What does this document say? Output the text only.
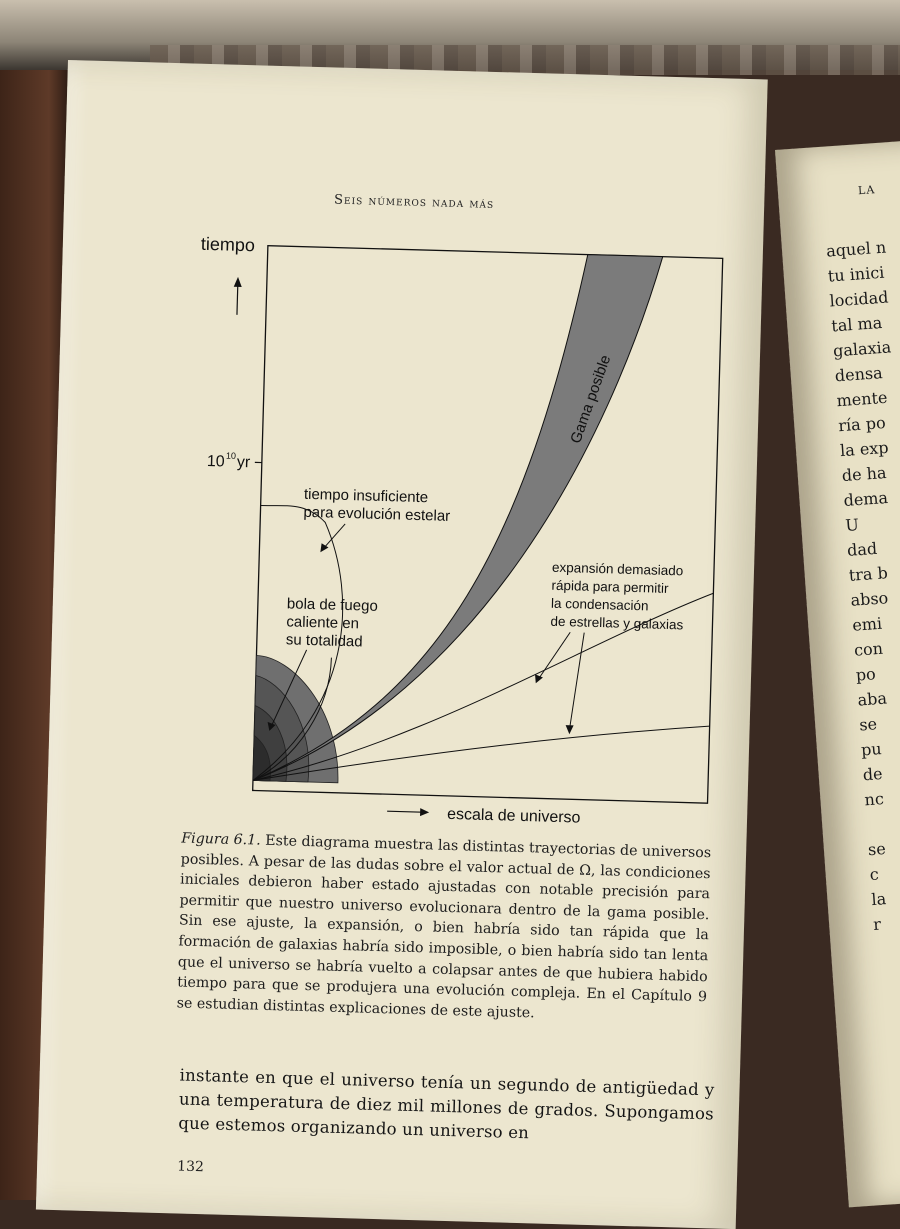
LA
aquel n
tu inici
locidad
tal ma
galaxia
densa
mente
ría po
la exp
de ha
dema
U
dad
tra b
abso
emi
con
po
aba
se
pu
de
nc
se
c
la
r
Seis números nada más
tiempo
10 10 yr
Gama posible
tiempo insuficiente
para evolución estelar
bola de fuego
caliente en
su totalidad
expansión demasiado
rápida para permitir
la condensación
de estrellas y galaxias
escala de universo
Figura 6.1. Este diagrama muestra las distintas trayectorias de universos posibles. A pesar de las dudas sobre el valor actual de Ω, las condiciones iniciales debieron haber estado ajustadas con notable precisión para permitir que nuestro universo evolucionara dentro de la gama posible. Sin ese ajuste, la expansión, o bien habría sido tan rápida que la formación de galaxias habría sido imposible, o bien habría sido tan lenta que el universo se habría vuelto a colapsar antes de que hubiera habido tiempo para que se produjera una evolución compleja. En el Capítulo 9 se estudian distintas explicaciones de este ajuste.
instante en que el universo tenía un segundo de antigüedad y una temperatura de diez mil millones de grados. Supongamos que estemos organizando un universo en
132
